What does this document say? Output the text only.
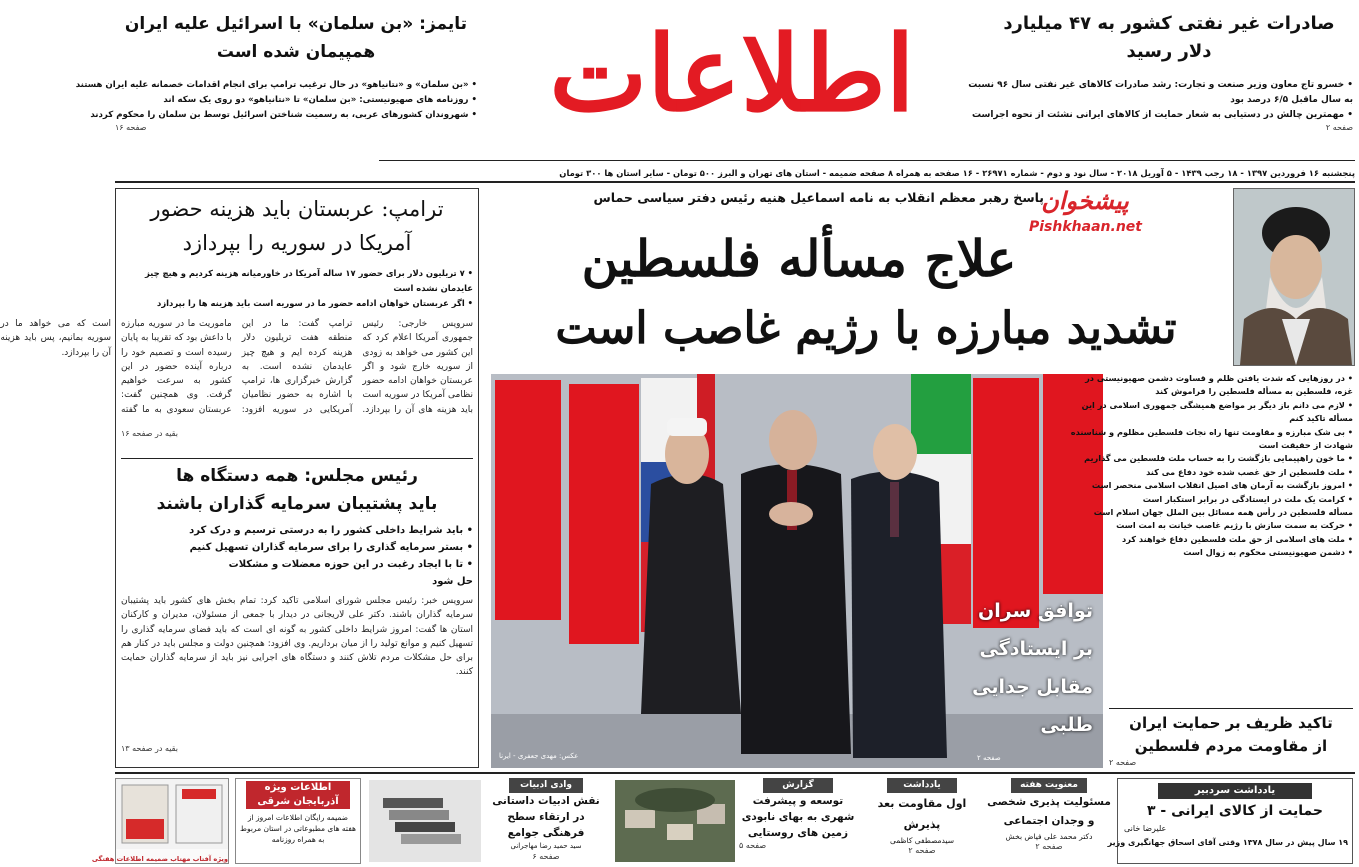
اطلاعات	صادرات غیر نفتی کشور به ۴۷ میلیارد
دلار رسید
• خسرو تاج معاون وزیر صنعت و تجارت: رشد صادرات کالاهای غیر نفتی سال ۹۶ نسبت
به سال ماقبل ۶/۵ درصد بود
• مهمترین چالش در دستیابی به شعار حمایت از کالاهای ایرانی نشئت از نحوه اجراست
صفحه ۲
تایمز: «بن سلمان» با اسرائیل علیه ایران
همپیمان شده است
• «بن سلمان» و «نتانیاهو» در حال ترغیب ترامپ برای انجام اقدامات خصمانه علیه ایران هستند
• روزنامه های صهیونیستی: «بن سلمان» تا «نتانیاهو» دو روی یک سکه اند
• شهروندان کشورهای عربی، به رسمیت شناختن اسرائیل توسط بن سلمان را محکوم کردند
صفحه ۱۶
پنجشنبه ۱۶ فروردین ۱۳۹۷ - ۱۸ رجب ۱۴۳۹ - ۵ آوریل ۲۰۱۸ - سال نود و دوم - شماره ۲۶۹۷۱ - ۱۶ صفحه به همراه ۸ صفحه ضمیمه - استان های تهران و البرز ۵۰۰ تومان - سایر استان ها ۳۰۰ تومان
ترامپ: عربستان باید هزینه حضور
آمریکا در سوریه را بپردازد
• ۷ تریلیون دلار برای حضور ۱۷ ساله آمریکا در خاورمیانه هزینه کردیم و هیچ چیز
عایدمان نشده است
• اگر عربستان خواهان ادامه حضور ما در سوریه است باید هزینه ها را بپردازد
سرویس خارجی: رئیس جمهوری آمریکا اعلام کرد که این کشور می خواهد به زودی از سوریه خارج شود و اگر عربستان خواهان ادامه حضور نظامی آمریکا در سوریه است باید هزینه های آن را بپردازد. ترامپ گفت: ما در این منطقه هفت تریلیون دلار هزینه کرده ایم و هیچ چیز عایدمان نشده است. به گزارش خبرگزاری ها، ترامپ با اشاره به حضور نظامیان آمریکایی در سوریه افزود: ماموریت ما در سوریه مبارزه با داعش بود که تقریبا به پایان رسیده است و تصمیم خود را درباره آینده حضور در این کشور به سرعت خواهیم گرفت. وی همچنین گفت: عربستان سعودی به ما گفته است که می خواهد ما در سوریه بمانیم، پس باید هزینه آن را بپردازد.
بقیه در صفحه ۱۶
رئیس مجلس: همه دستگاه ها
باید پشتیبان سرمایه گذاران باشند
• باید شرایط داخلی کشور را به درستی ترسیم و درک کرد
• بستر سرمایه گذاری را برای سرمایه گذاران تسهیل کنیم
• تا با ایجاد رغبت در این حوزه معضلات و مشکلات
حل شود
سرویس خبر: رئیس مجلس شورای اسلامی تاکید کرد: تمام بخش های کشور باید پشتیبان سرمایه گذاران باشند. دکتر علی لاریجانی در دیدار با جمعی از مسئولان، مدیران و کارکنان استان ها گفت: امروز شرایط داخلی کشور به گونه ای است که باید فضای سرمایه گذاری را تسهیل کنیم و موانع تولید را از میان برداریم. وی افزود: همچنین دولت و مجلس باید در کنار هم برای حل مشکلات مردم تلاش کنند و دستگاه های اجرایی نیز باید از سرمایه گذاران حمایت کنند.
بقیه در صفحه ۱۳
پاسخ رهبر معظم انقلاب به نامه اسماعیل هنیه رئیس دفتر سیاسی حماس
پیشخوان
Pishkhaan.net
علاج مسأله فلسطین
تشدید مبارزه با رژیم غاصب است
توافق سران بر ایستادگی مقابل جدایی طلبی
عکس: مهدی جعفری - ایرنا	صفحه ۲
• در روزهایی که شدت یافتن ظلم و قساوت دشمن صهیونیستی در
غزه، فلسطین به مسأله فلسطین را فراموش کند
• لازم می دانم باز دیگر بر مواضع همیشگی جمهوری اسلامی در این
مسأله تاکید کنم
• بی شک مبارزه و مقاومت تنها راه نجات فلسطین مظلوم و شناسنده
شهادت از حقیقت است
• ما خون راهپیمایی بازگشت را به حساب ملت فلسطین می گذاریم
• ملت فلسطین از حق غصب شده خود دفاع می کند
• امروز بازگشت به آرمان های اصیل انقلاب اسلامی منحصر است
• کرامت یک ملت در ایستادگی در برابر استکبار است
مسأله فلسطین در رأس همه مسائل بین الملل جهان اسلام است
• حرکت به سمت سازش با رژیم غاصب خیانت به امت است
• ملت های اسلامی از حق ملت فلسطین دفاع خواهند کرد
• دشمن صهیونیستی محکوم به زوال است
تاکید ظریف بر حمایت ایران
از مقاومت مردم فلسطین
صفحه ۲
یادداشت سردبیر
حمایت از کالای ایرانی - ۳
علیرضا خانی
۱۹ سال پیش در سال ۱۳۷۸ وقتی آقای اسحاق جهانگیری وزیر
معنویت هفته
مسئولیت پذیری شخصی و وجدان اجتماعی
دکتر محمد علی فیاض بخش
صفحه ۲
یادداشت
اول مقاومت بعد پذیرش
سیدمصطفی کاظمی
صفحه ۲
گزارش
توسعه و پیشرفت شهری به بهای نابودی زمین های روستایی
صفحه ۵
وادی ادبیات
نقش ادبیات داستانی در ارتقاء سطح فرهنگی جوامع
سید حمید رضا مهاجرانی
صفحه ۶
اطلاعات ویژه
آذربایجان شرقی
ضمیمه رایگان اطلاعات امروز از هفته های مطبوعاتی در استان مربوط
به همراه روزنامه
ویژه آفتاب مهتاب ضمیمه اطلاعات هفتگی
